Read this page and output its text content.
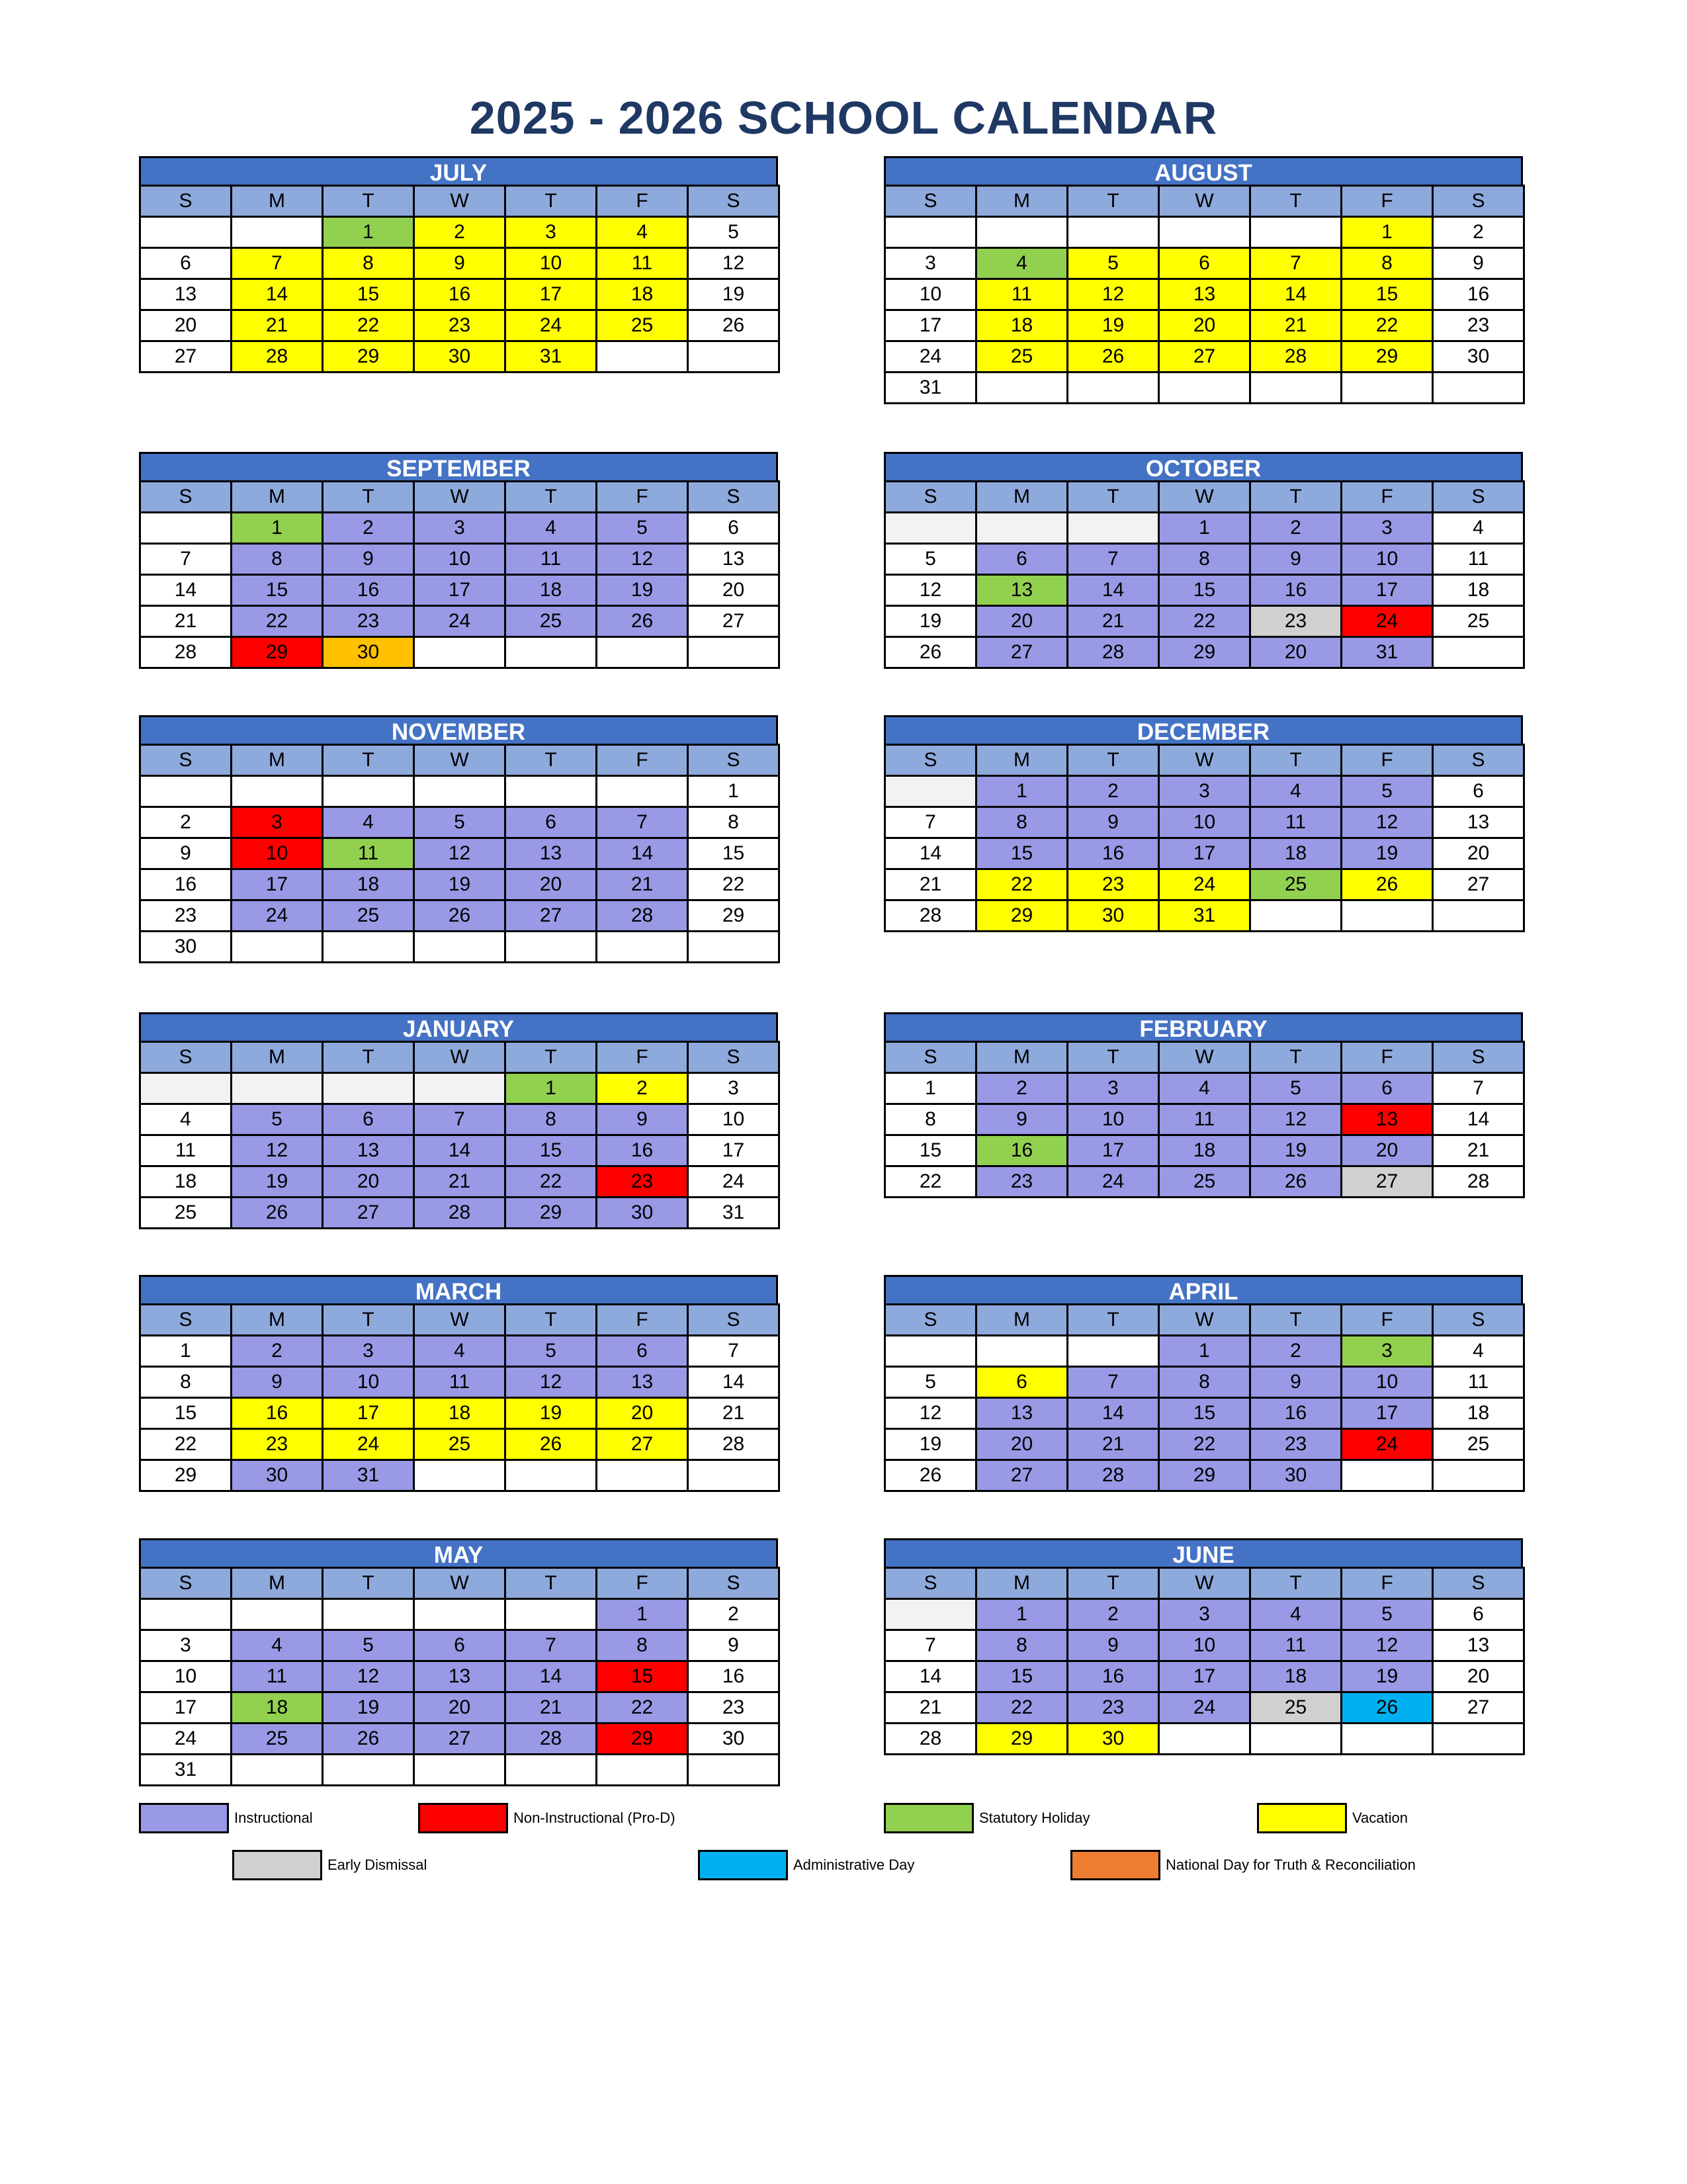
2025 - 2026 SCHOOL CALENDAR
JULY
S	M	T	W	T	F	S
		1	2	3	4	5
6	7	8	9	10	11	12
13	14	15	16	17	18	19
20	21	22	23	24	25	26
27	28	29	30	31		
AUGUST
S	M	T	W	T	F	S
					1	2
3	4	5	6	7	8	9
10	11	12	13	14	15	16
17	18	19	20	21	22	23
24	25	26	27	28	29	30
31						
SEPTEMBER
S	M	T	W	T	F	S
	1	2	3	4	5	6
7	8	9	10	11	12	13
14	15	16	17	18	19	20
21	22	23	24	25	26	27
28	29	30				
OCTOBER
S	M	T	W	T	F	S
			1	2	3	4
5	6	7	8	9	10	11
12	13	14	15	16	17	18
19	20	21	22	23	24	25
26	27	28	29	20	31	
NOVEMBER
S	M	T	W	T	F	S
						1
2	3	4	5	6	7	8
9	10	11	12	13	14	15
16	17	18	19	20	21	22
23	24	25	26	27	28	29
30						
DECEMBER
S	M	T	W	T	F	S
	1	2	3	4	5	6
7	8	9	10	11	12	13
14	15	16	17	18	19	20
21	22	23	24	25	26	27
28	29	30	31			
JANUARY
S	M	T	W	T	F	S
				1	2	3
4	5	6	7	8	9	10
11	12	13	14	15	16	17
18	19	20	21	22	23	24
25	26	27	28	29	30	31
FEBRUARY
S	M	T	W	T	F	S
1	2	3	4	5	6	7
8	9	10	11	12	13	14
15	16	17	18	19	20	21
22	23	24	25	26	27	28
MARCH
S	M	T	W	T	F	S
1	2	3	4	5	6	7
8	9	10	11	12	13	14
15	16	17	18	19	20	21
22	23	24	25	26	27	28
29	30	31				
APRIL
S	M	T	W	T	F	S
			1	2	3	4
5	6	7	8	9	10	11
12	13	14	15	16	17	18
19	20	21	22	23	24	25
26	27	28	29	30		
MAY
S	M	T	W	T	F	S
					1	2
3	4	5	6	7	8	9
10	11	12	13	14	15	16
17	18	19	20	21	22	23
24	25	26	27	28	29	30
31						
JUNE
S	M	T	W	T	F	S
	1	2	3	4	5	6
7	8	9	10	11	12	13
14	15	16	17	18	19	20
21	22	23	24	25	26	27
28	29	30				
Instructional	Non-Instructional (Pro-D)	Statutory Holiday	Vacation
Early Dismissal	Administrative Day	National Day for Truth & Reconciliation
